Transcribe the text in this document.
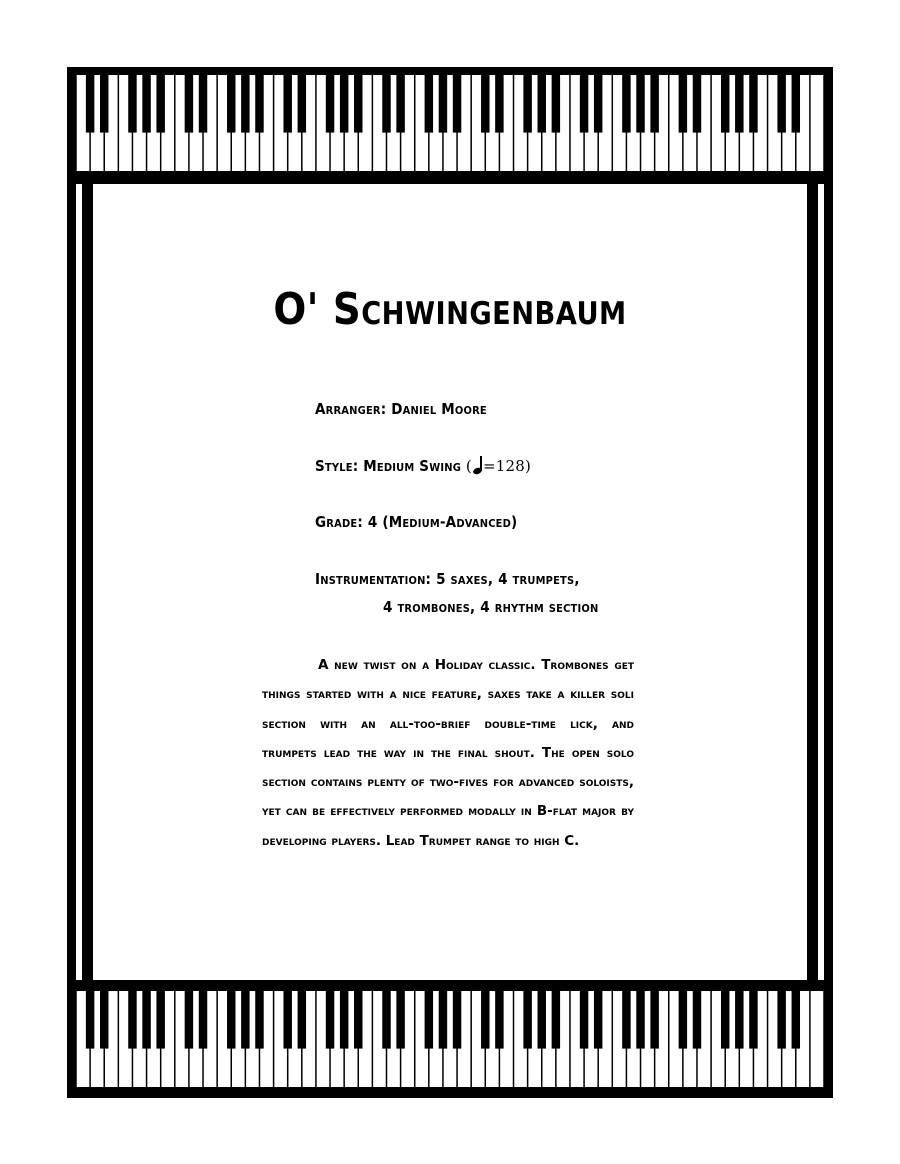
O' Schwingenbaum
Arranger: Daniel Moore
Style: Medium Swing ( =128)
Grade: 4 (Medium-Advanced)
Instrumentation: 5 saxes, 4 trumpets,
4 trombones, 4 rhythm section
A new twist on a Holiday classic. Trombones get things started with a nice feature, saxes take a killer soli section with an all-too-brief double-time lick, and trumpets lead the way in the final shout. The open solo section contains plenty of two-fives for advanced soloists, yet can be effectively performed modally in B-flat major by developing players. Lead Trumpet range to high C.
